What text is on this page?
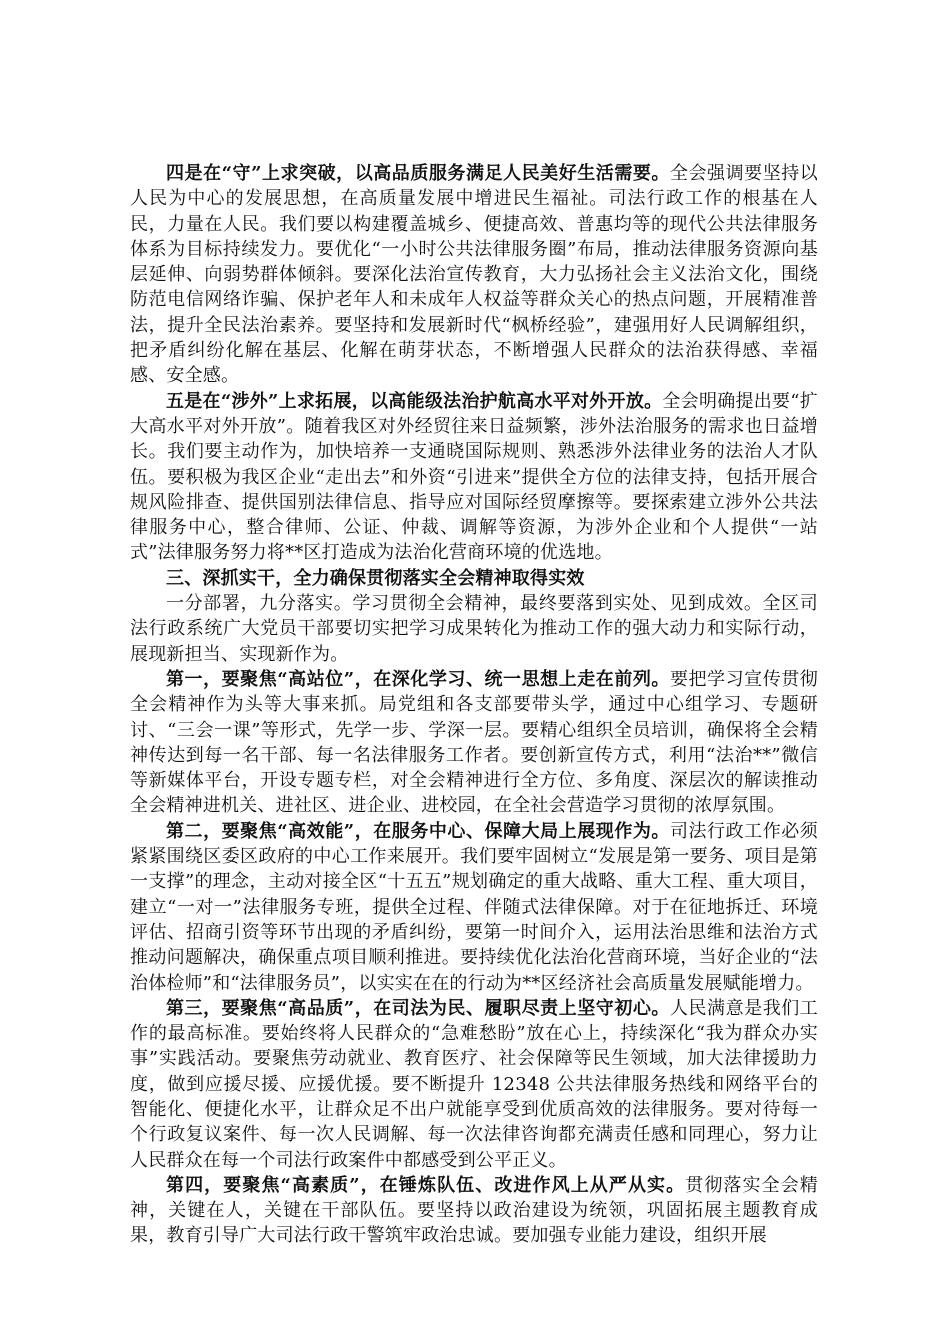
四是在“守”上求突破，以高品质服务满足人民美好生活需要。全会强调要坚持以人民为中心的发展思想，在高质量发展中增进民生福祉。司法行政工作的根基在人民，力量在人民。我们要以构建覆盖城乡、便捷高效、普惠均等的现代公共法律服务体系为目标持续发力。要优化“一小时公共法律服务圈”布局，推动法律服务资源向基层延伸、向弱势群体倾斜。要深化法治宣传教育，大力弘扬社会主义法治文化，围绕防范电信网络诈骗、保护老年人和未成年人权益等群众关心的热点问题，开展精准普法，提升全民法治素养。要坚持和发展新时代“枫桥经验”，建强用好人民调解组织，把矛盾纠纷化解在基层、化解在萌芽状态，不断增强人民群众的法治获得感、幸福感、安全感。

五是在“涉外”上求拓展，以高能级法治护航高水平对外开放。全会明确提出要“扩大高水平对外开放”。随着我区对外经贸往来日益频繁，涉外法治服务的需求也日益增长。我们要主动作为，加快培养一支通晓国际规则、熟悉涉外法律业务的法治人才队伍。要积极为我区企业“走出去”和外资“引进来”提供全方位的法律支持，包括开展合规风险排查、提供国别法律信息、指导应对国际经贸摩擦等。要探索建立涉外公共法律服务中心，整合律师、公证、仲裁、调解等资源，为涉外企业和个人提供“一站式”法律服务努力将**区打造成为法治化营商环境的优选地。

三、深抓实干，全力确保贯彻落实全会精神取得实效

一分部署，九分落实。学习贯彻全会精神，最终要落到实处、见到成效。全区司法行政系统广大党员干部要切实把学习成果转化为推动工作的强大动力和实际行动，展现新担当、实现新作为。

第一，要聚焦“高站位”，在深化学习、统一思想上走在前列。要把学习宣传贯彻全会精神作为头等大事来抓。局党组和各支部要带头学，通过中心组学习、专题研讨、“三会一课”等形式，先学一步、学深一层。要精心组织全员培训，确保将全会精神传达到每一名干部、每一名法律服务工作者。要创新宣传方式，利用“法治**”微信等新媒体平台，开设专题专栏，对全会精神进行全方位、多角度、深层次的解读推动全会精神进机关、进社区、进企业、进校园，在全社会营造学习贯彻的浓厚氛围。

第二，要聚焦“高效能”，在服务中心、保障大局上展现作为。司法行政工作必须紧紧围绕区委区政府的中心工作来展开。我们要牢固树立“发展是第一要务、项目是第一支撑”的理念，主动对接全区“十五五”规划确定的重大战略、重大工程、重大项目，建立“一对一”法律服务专班，提供全过程、伴随式法律保障。对于在征地拆迁、环境评估、招商引资等环节出现的矛盾纠纷，要第一时间介入，运用法治思维和法治方式推动问题解决，确保重点项目顺利推进。要持续优化法治化营商环境，当好企业的“法治体检师”和“法律服务员”，以实实在在的行动为**区经济社会高质量发展赋能增力。

第三，要聚焦“高品质”，在司法为民、履职尽责上坚守初心。人民满意是我们工作的最高标准。要始终将人民群众的“急难愁盼”放在心上，持续深化“我为群众办实事”实践活动。要聚焦劳动就业、教育医疗、社会保障等民生领域，加大法律援助力度，做到应援尽援、应援优援。要不断提升 12348 公共法律服务热线和网络平台的智能化、便捷化水平，让群众足不出户就能享受到优质高效的法律服务。要对待每一个行政复议案件、每一次人民调解、每一次法律咨询都充满责任感和同理心，努力让人民群众在每一个司法行政案件中都感受到公平正义。

第四，要聚焦“高素质”，在锤炼队伍、改进作风上从严从实。贯彻落实全会精神，关键在人，关键在干部队伍。要坚持以政治建设为统领，巩固拓展主题教育成果，教育引导广大司法行政干警筑牢政治忠诚。要加强专业能力建设，组织开展
